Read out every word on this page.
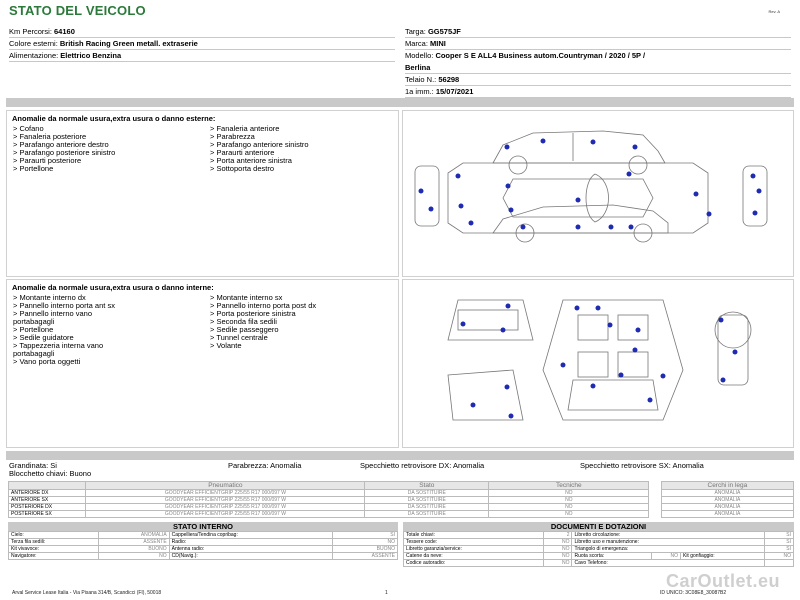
STATO DEL VEICOLO	Rev. A
Km Percorsi: 64160
Colore esterni: British Racing Green metall. extraserie
Alimentazione: Elettrico Benzina
Targa: GG575JF
Marca: MINI
Modello: Cooper S E ALL4 Business autom.Countryman / 2020 / 5P /
Berlina
Telaio N.: 56298
1a imm.: 15/07/2021
Anomalie da normale usura,extra usura o danno esterne:
> Cofano
> Fanaleria posteriore
> Parafango anteriore destro
> Parafango posteriore sinistro
> Paraurti posteriore
> Portellone
> Fanaleria anteriore
> Parabrezza
> Parafango anteriore sinistro
> Paraurti anteriore
> Porta anteriore sinistra
> Sottoporta destro
Anomalie da normale usura,extra usura o danno interne:
> Montante interno dx
> Pannello interno porta ant sx
> Pannello interno vano
portabagagli
> Portellone
> Sedile guidatore
> Tappezzeria interna vano
portabagagli
> Vano porta oggetti
> Montante interno sx
> Pannello interno porta post dx
> Porta posteriore sinistra
> Seconda fila sedili
> Sedile passeggero
> Tunnel centrale
> Volante
Grandinata: Si
Blocchetto chiavi: Buono
Parabrezza: Anomalia	Specchietto retrovisore DX: Anomalia	Specchietto retrovisore SX: Anomalia
	Pneumatico	Stato	Tecniche		Cerchi in lega
ANTERIORE DX	GOODYEAR EFFICIENTGRIP 225/55 R17 000/097 W	DA SOSTITUIRE	NO		ANOMALIA
ANTERIORE SX	GOODYEAR EFFICIENTGRIP 225/55 R17 000/097 W	DA SOSTITUIRE	NO		ANOMALIA
POSTERIORE DX	GOODYEAR EFFICIENTGRIP 225/55 R17 000/097 W	DA SOSTITUIRE	NO		ANOMALIA
POSTERIORE SX	GOODYEAR EFFICIENTGRIP 225/55 R17 000/097 W	DA SOSTITUIRE	NO		ANOMALIA
STATO INTERNO
Cielo:	ANOMALIA	Cappelliera/Tendina copribag:	SI
Terza fila sedili:	ASSENTE	Radio:	NO
Kit vivavoce:	BUONO	Antenna radio:	BUONO
Navigatore:	NO	CD(Navig.):	ASSENTE
DOCUMENTI E DOTAZIONI
Totale chiavi:	2	Libretto circolazione:			SI
Tessere code:	NO	Libretto uso e manutenzione:			SI
Libretto garanzia/service:	NO	Triangolo di emergenza:			SI
Catene da neve:	NO	Ruota scorta:	NO	Kit gonfiaggio:	NO
Codice autoradio:	NO	Cavo Telefono:			
Arval Service Lease Italia - Via Pisana 314/B, Scandicci (FI), 50018	1	ID UNICO: 3C08E8_30087B2
CarOutlet.eu
